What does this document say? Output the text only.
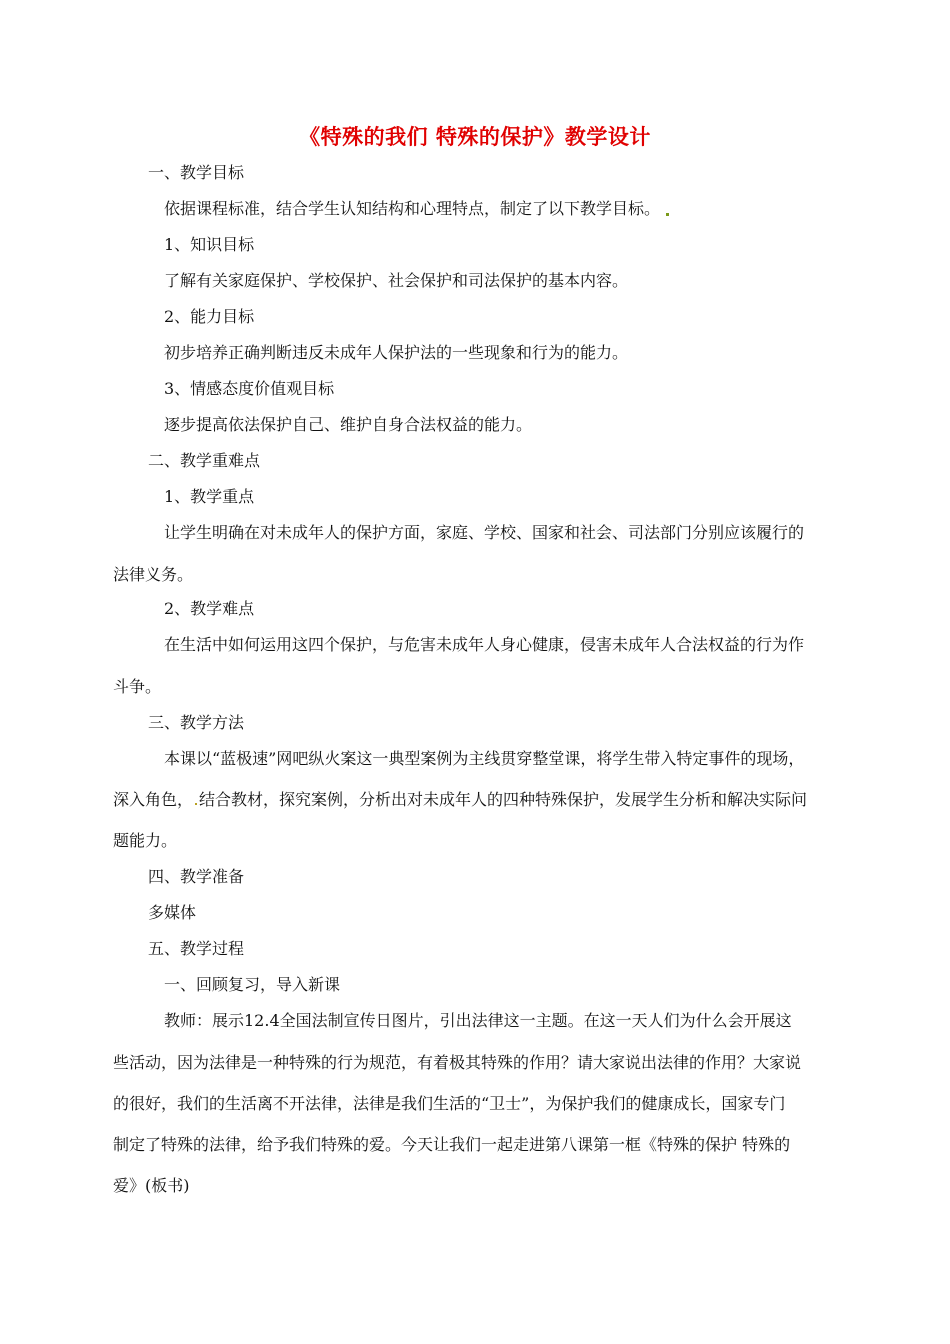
《特殊的我们 特殊的保护》教学设计
一、教学目标
依据课程标准，结合学生认知结构和心理特点，制定了以下教学目标。
1、知识目标
了解有关家庭保护、学校保护、社会保护和司法保护的基本内容。
2、能力目标
初步培养正确判断违反未成年人保护法的一些现象和行为的能力。
3、情感态度价值观目标
逐步提高依法保护自己、维护自身合法权益的能力。
二、教学重难点
1、教学重点
让学生明确在对未成年人的保护方面，家庭、学校、国家和社会、司法部门分别应该履行的
法律义务。
2、教学难点
在生活中如何运用这四个保护，与危害未成年人身心健康，侵害未成年人合法权益的行为作
斗争。
三、教学方法
本课以“蓝极速”网吧纵火案这一典型案例为主线贯穿整堂课，将学生带入特定事件的现场，
深入角色， 结合教材，探究案例，分析出对未成年人的四种特殊保护，发展学生分析和解决实际问
题能力。
四、教学准备
多媒体
五、教学过程
一、回顾复习，导入新课
教师：展示12.4全国法制宣传日图片，引出法律这一主题。在这一天人们为什么会开展这
些活动，因为法律是一种特殊的行为规范，有着极其特殊的作用？请大家说出法律的作用？大家说
的很好，我们的生活离不开法律，法律是我们生活的“卫士”，为保护我们的健康成长，国家专门
制定了特殊的法律，给予我们特殊的爱。今天让我们一起走进第八课第一框《特殊的保护 特殊的
爱》(板书)
